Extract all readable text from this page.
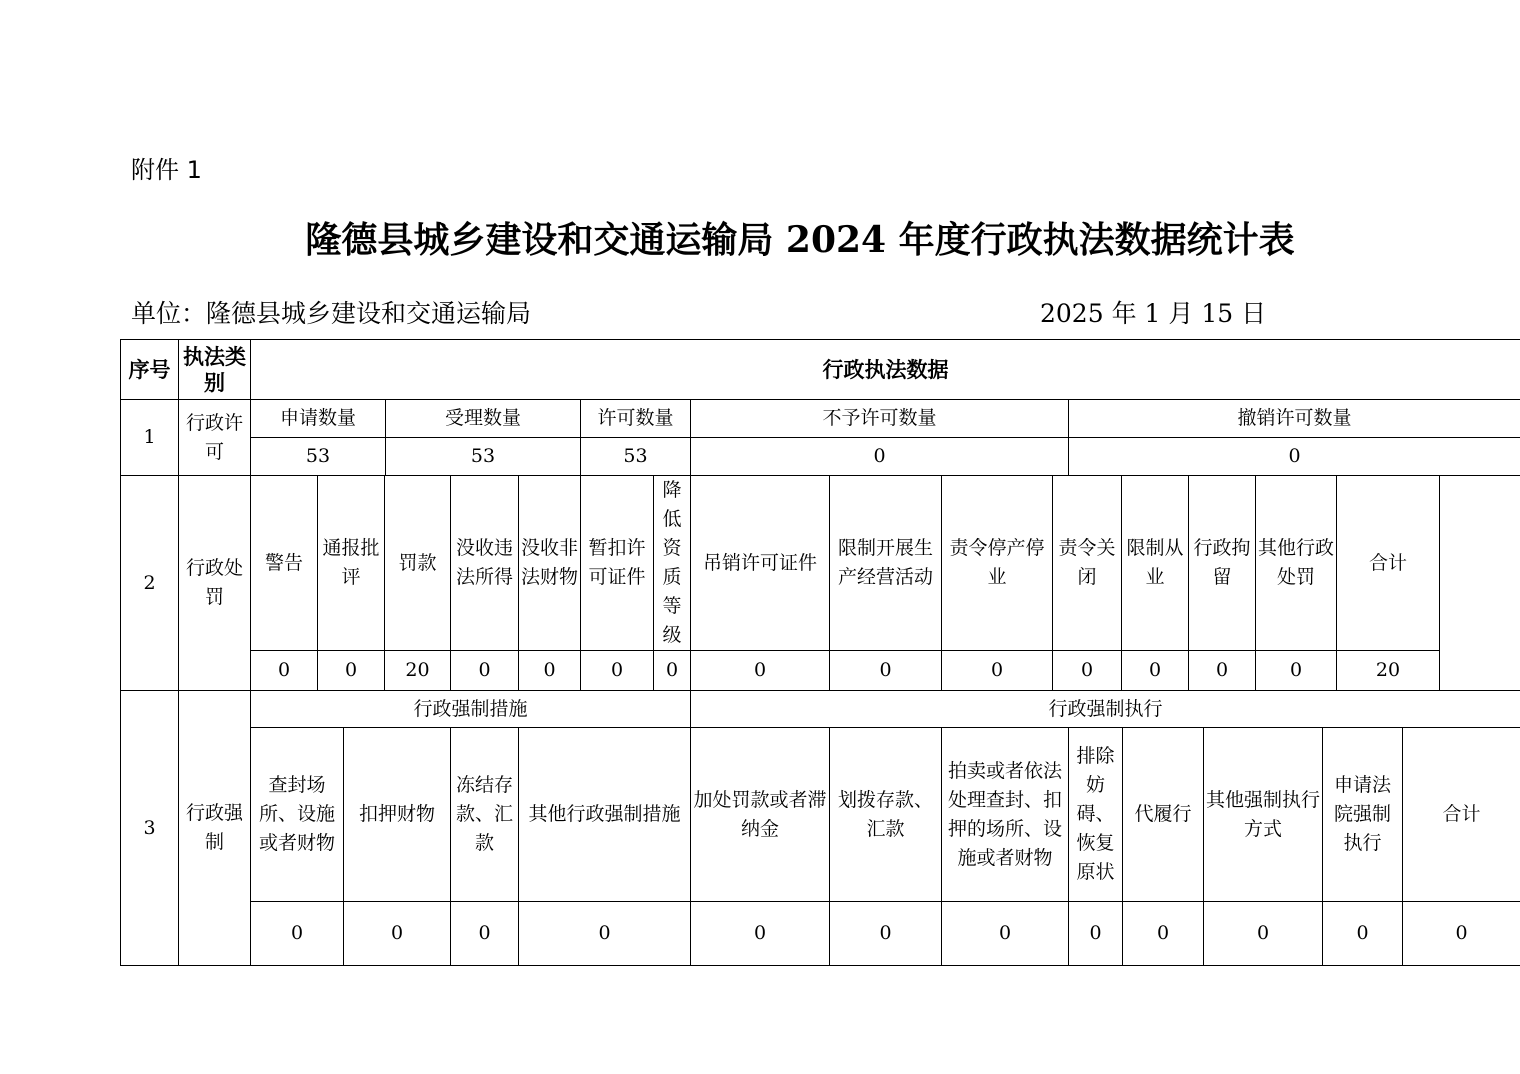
附件 1
隆德县城乡建设和交通运输局 2024 年度行政执法数据统计表
单位：隆德县城乡建设和交通运输局	2025 年 1 月 15 日
序号	执法类别	行政执法数据																			
1	行政许可	申请数量			受理数量			许可数量		不予许可数量				撤销许可数量							
		53			53			53		0				0							
2	行政处罚	警告	通报批评		罚款	没收违法所得	没收非法财物	暂扣许可证件	降低资质等级	吊销许可证件	限制开展生产经营活动	责令停产停业	责令关闭		限制从业	行政拘留		其他行政处罚		合计	
		0	0		20	0	0	0	0	0	0	0	0		0	0		0		20	
3	行政强制	行政强制措施								行政强制执行											
		查封场所、设施或者财物		扣押财物		冻结存款、汇款	其他行政强制措施			加处罚款或者滞纳金	划拨存款、汇款	拍卖或者依法处理查封、扣押的场所、设施或者财物		排除妨碍、恢复原状	代履行		其他强制执行方式		申请法院强制执行		合计
		0		0		0	0			0	0	0		0	0		0		0		0
